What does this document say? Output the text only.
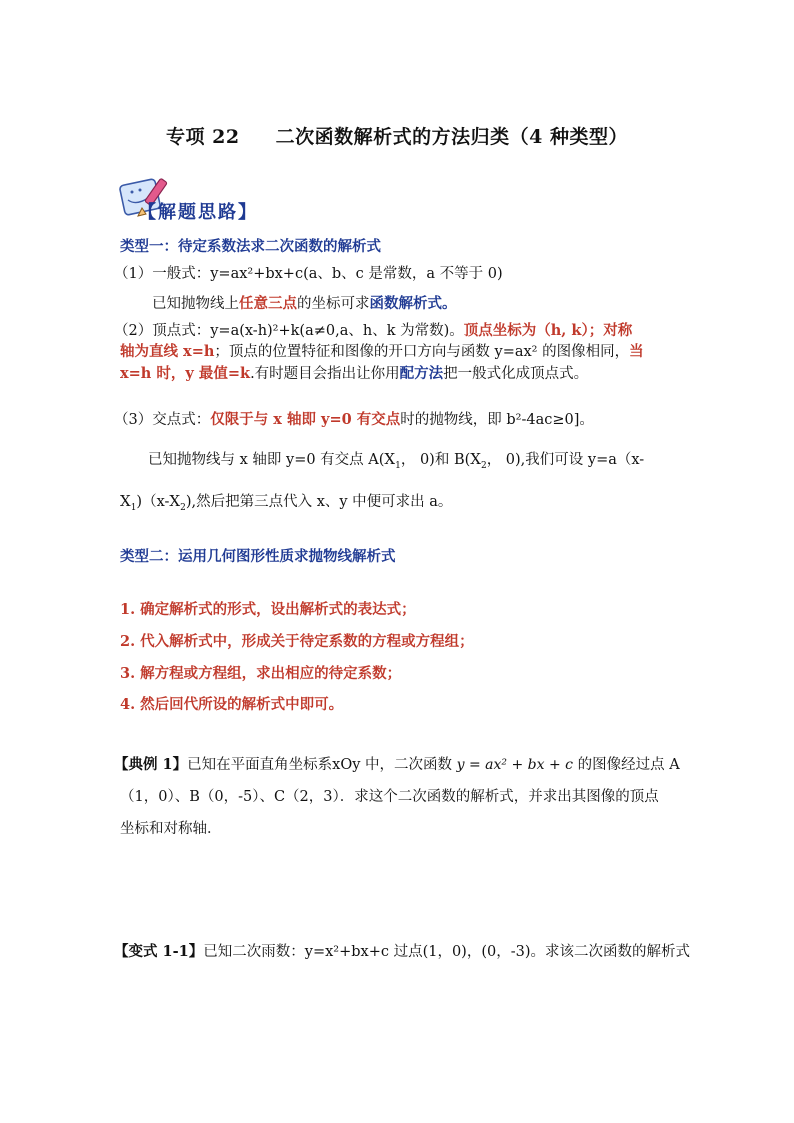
专项 22 二次函数解析式的方法归类（4 种类型）
【解题思路】
类型一：待定系数法求二次函数的解析式
（1）一般式：y=ax²+bx+c(a、b、c 是常数，a 不等于 0)
已知抛物线上任意三点的坐标可求函数解析式。
（2）顶点式：y=a(x-h)²+k(a≠0,a、h、k 为常数)。顶点坐标为（h, k）；对称
轴为直线 x=h；顶点的位置特征和图像的开口方向与函数 y=ax² 的图像相同，当
x=h 时，y 最值=k.有时题目会指出让你用配方法把一般式化成顶点式。
（3）交点式：仅限于与 x 轴即 y=0 有交点时的抛物线，即 b²-4ac≥0]。
已知抛物线与 x 轴即 y=0 有交点 $A(X_1$， 0)和 $B(X_2$， 0),我们可设 y=a（x-
$X_1)(x-X_2)$,然后把第三点代入 x、y 中便可求出 a。
类型二：运用几何图形性质求抛物线解析式
1. 确定解析式的形式，设出解析式的表达式；
2. 代入解析式中，形成关于待定系数的方程或方程组；
3. 解方程或方程组，求出相应的待定系数；
4. 然后回代所设的解析式中即可。
【典例 1】已知在平面直角坐标系xOy 中，二次函数 y = ax² + bx + c 的图像经过点 A
（1，0）、B（0，-5）、C（2，3）．求这个二次函数的解析式，并求出其图像的顶点
坐标和对称轴．
【变式 1-1】已知二次雨数：y=x²+bx+c 过点(1，0)，(0，-3)。求该二次函数的解析式
